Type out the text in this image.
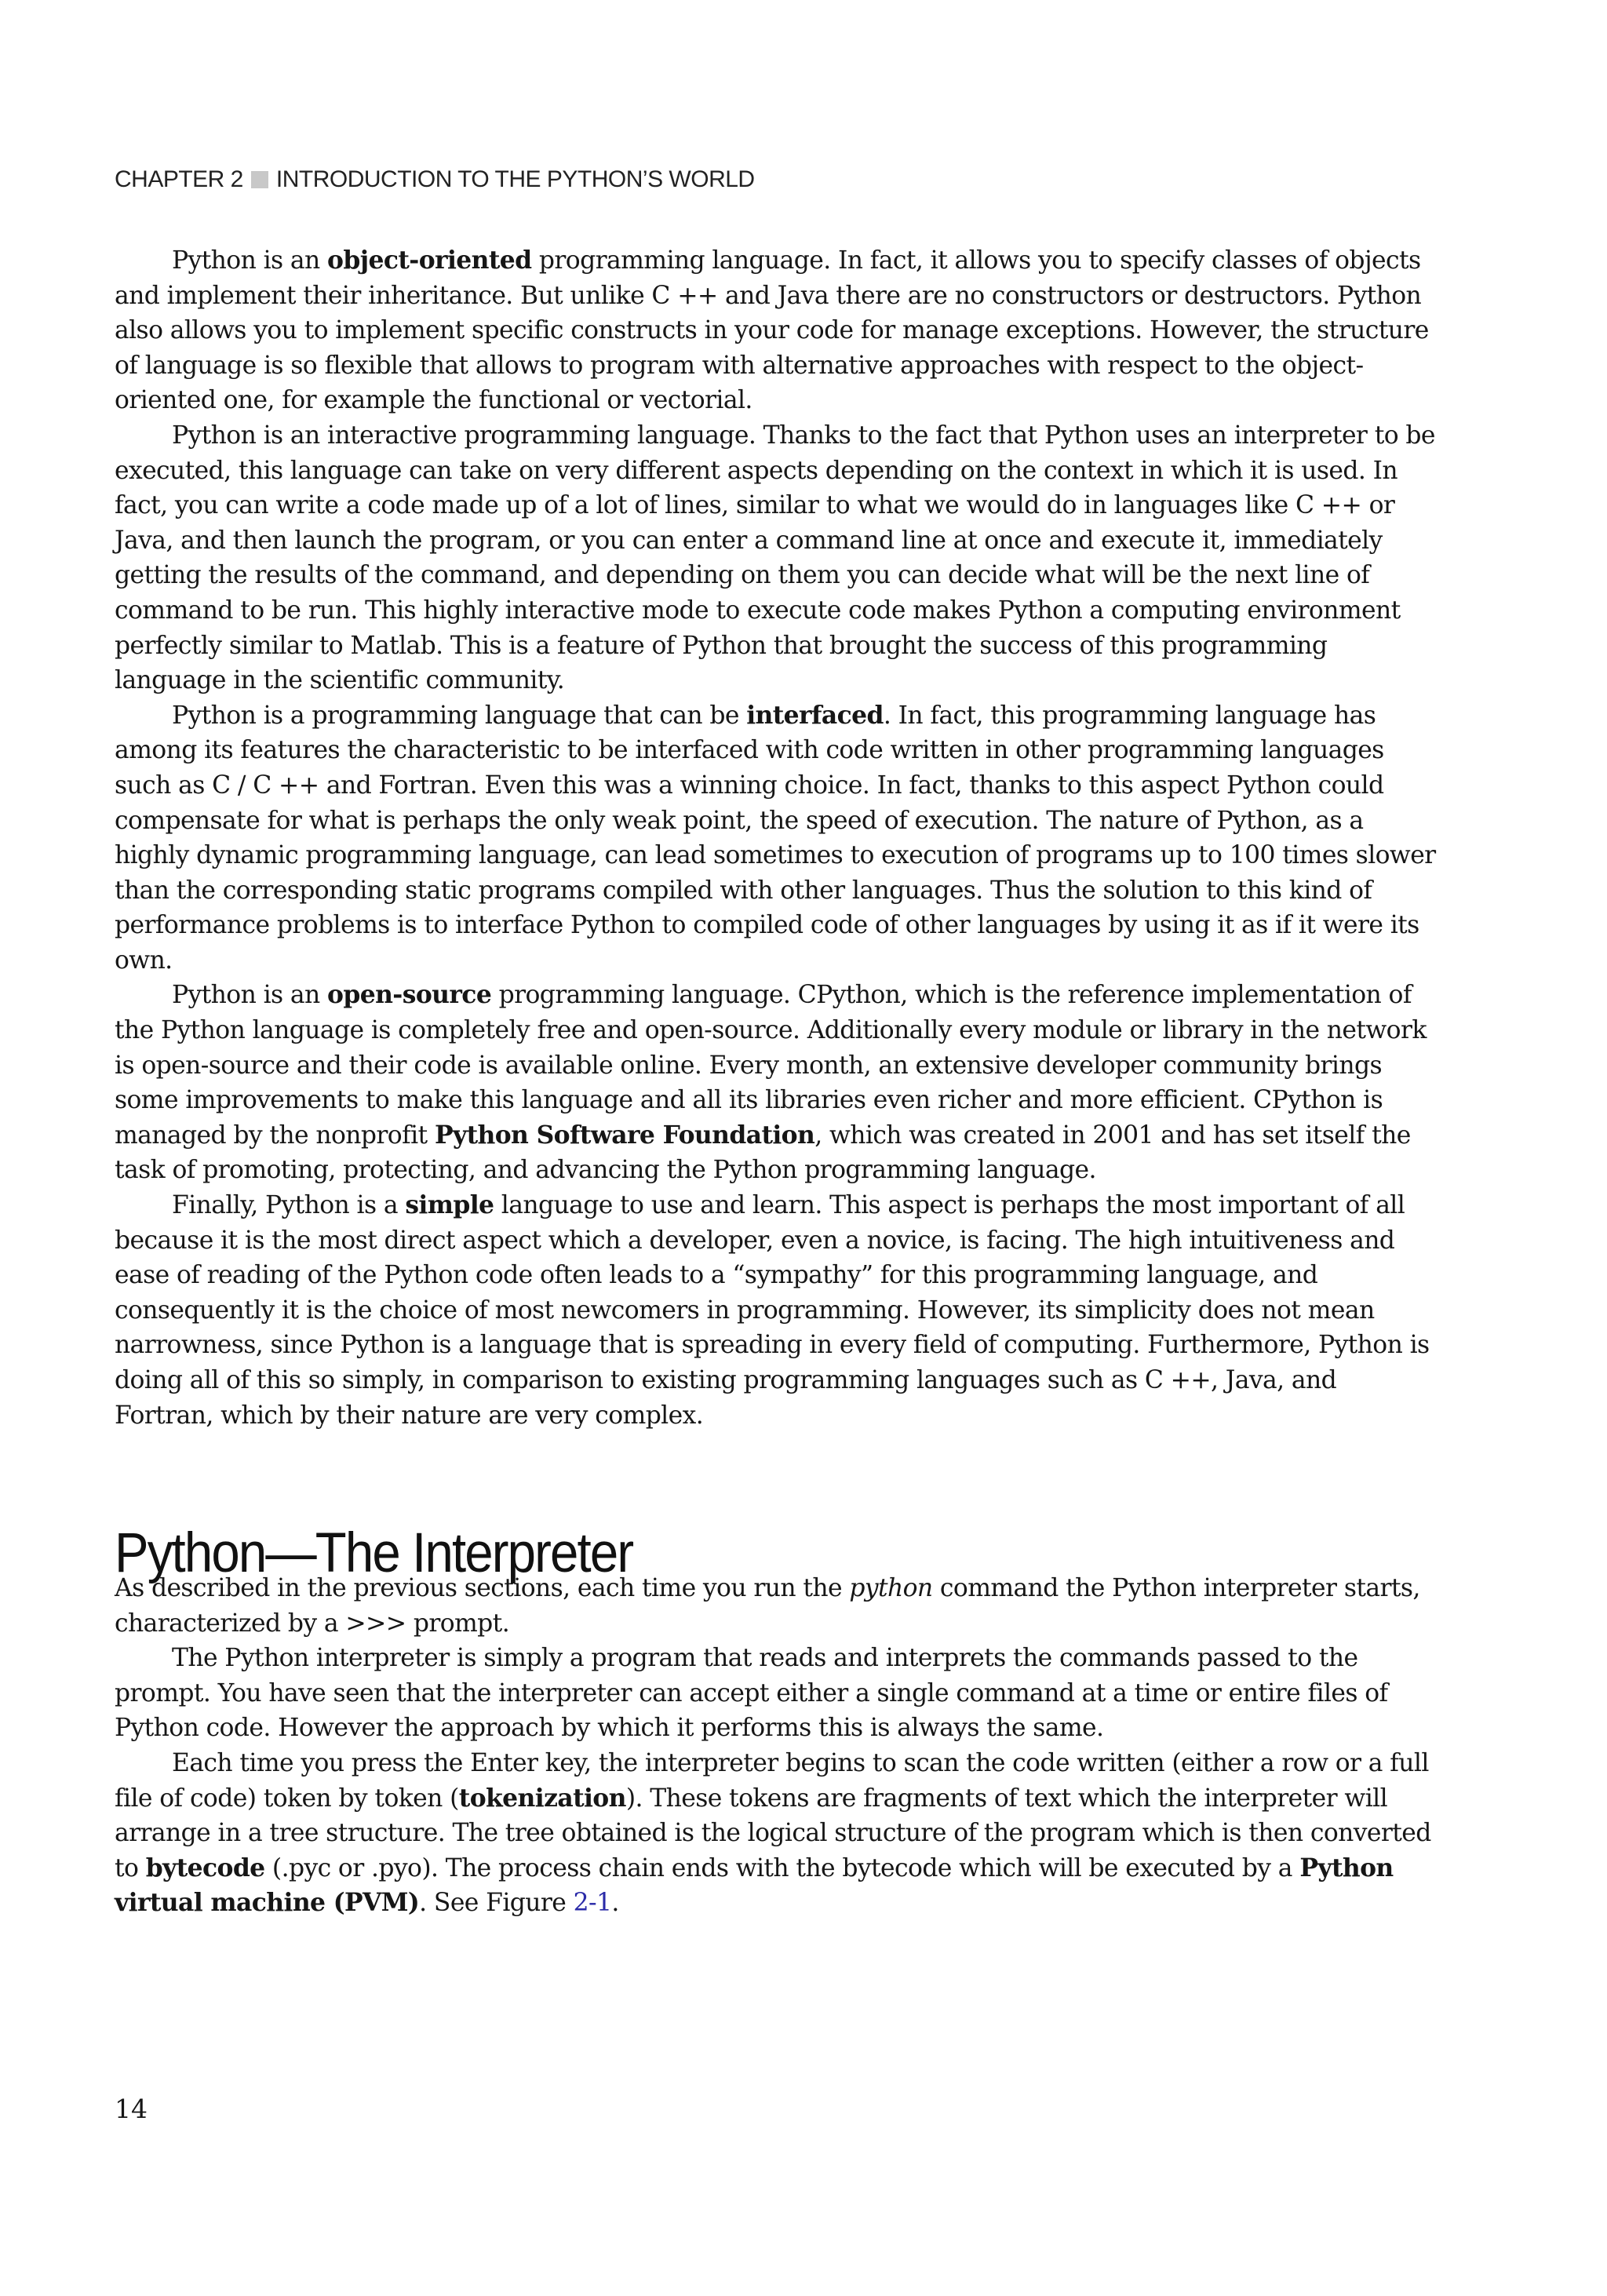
CHAPTER 2 INTRODUCTION TO THE PYTHON’S WORLD

Python is an object-oriented programming language. In fact, it allows you to specify classes of objects and implement their inheritance. But unlike C ++ and Java there are no constructors or destructors. Python also allows you to implement specific constructs in your code for manage exceptions. However, the structure of language is so flexible that allows to program with alternative approaches with respect to the object-oriented one, for example the functional or vectorial.

Python is an interactive programming language. Thanks to the fact that Python uses an interpreter to be executed, this language can take on very different aspects depending on the context in which it is used. In fact, you can write a code made up of a lot of lines, similar to what we would do in languages like C ++ or Java, and then launch the program, or you can enter a command line at once and execute it, immediately getting the results of the command, and depending on them you can decide what will be the next line of command to be run. This highly interactive mode to execute code makes Python a computing environment perfectly similar to Matlab. This is a feature of Python that brought the success of this programming language in the scientific community.

Python is a programming language that can be interfaced. In fact, this programming language has among its features the characteristic to be interfaced with code written in other programming languages such as C / C ++ and Fortran. Even this was a winning choice. In fact, thanks to this aspect Python could compensate for what is perhaps the only weak point, the speed of execution. The nature of Python, as a highly dynamic programming language, can lead sometimes to execution of programs up to 100 times slower than the corresponding static programs compiled with other languages. Thus the solution to this kind of performance problems is to interface Python to compiled code of other languages by using it as if it were its own.

Python is an open-source programming language. CPython, which is the reference implementation of the Python language is completely free and open-source. Additionally every module or library in the network is open-source and their code is available online. Every month, an extensive developer community brings some improvements to make this language and all its libraries even richer and more efficient. CPython is managed by the nonprofit Python Software Foundation, which was created in 2001 and has set itself the task of promoting, protecting, and advancing the Python programming language.

Finally, Python is a simple language to use and learn. This aspect is perhaps the most important of all because it is the most direct aspect which a developer, even a novice, is facing. The high intuitiveness and ease of reading of the Python code often leads to a “sympathy” for this programming language, and consequently it is the choice of most newcomers in programming. However, its simplicity does not mean narrowness, since Python is a language that is spreading in every field of computing. Furthermore, Python is doing all of this so simply, in comparison to existing programming languages such as C ++, Java, and Fortran, which by their nature are very complex.

Python—The Interpreter

As described in the previous sections, each time you run the python command the Python interpreter starts, characterized by a >>> prompt.

The Python interpreter is simply a program that reads and interprets the commands passed to the prompt. You have seen that the interpreter can accept either a single command at a time or entire files of Python code. However the approach by which it performs this is always the same.

Each time you press the Enter key, the interpreter begins to scan the code written (either a row or a full file of code) token by token (tokenization). These tokens are fragments of text which the interpreter will arrange in a tree structure. The tree obtained is the logical structure of the program which is then converted to bytecode (.pyc or .pyo). The process chain ends with the bytecode which will be executed by a Python virtual machine (PVM). See Figure 2-1.

14
